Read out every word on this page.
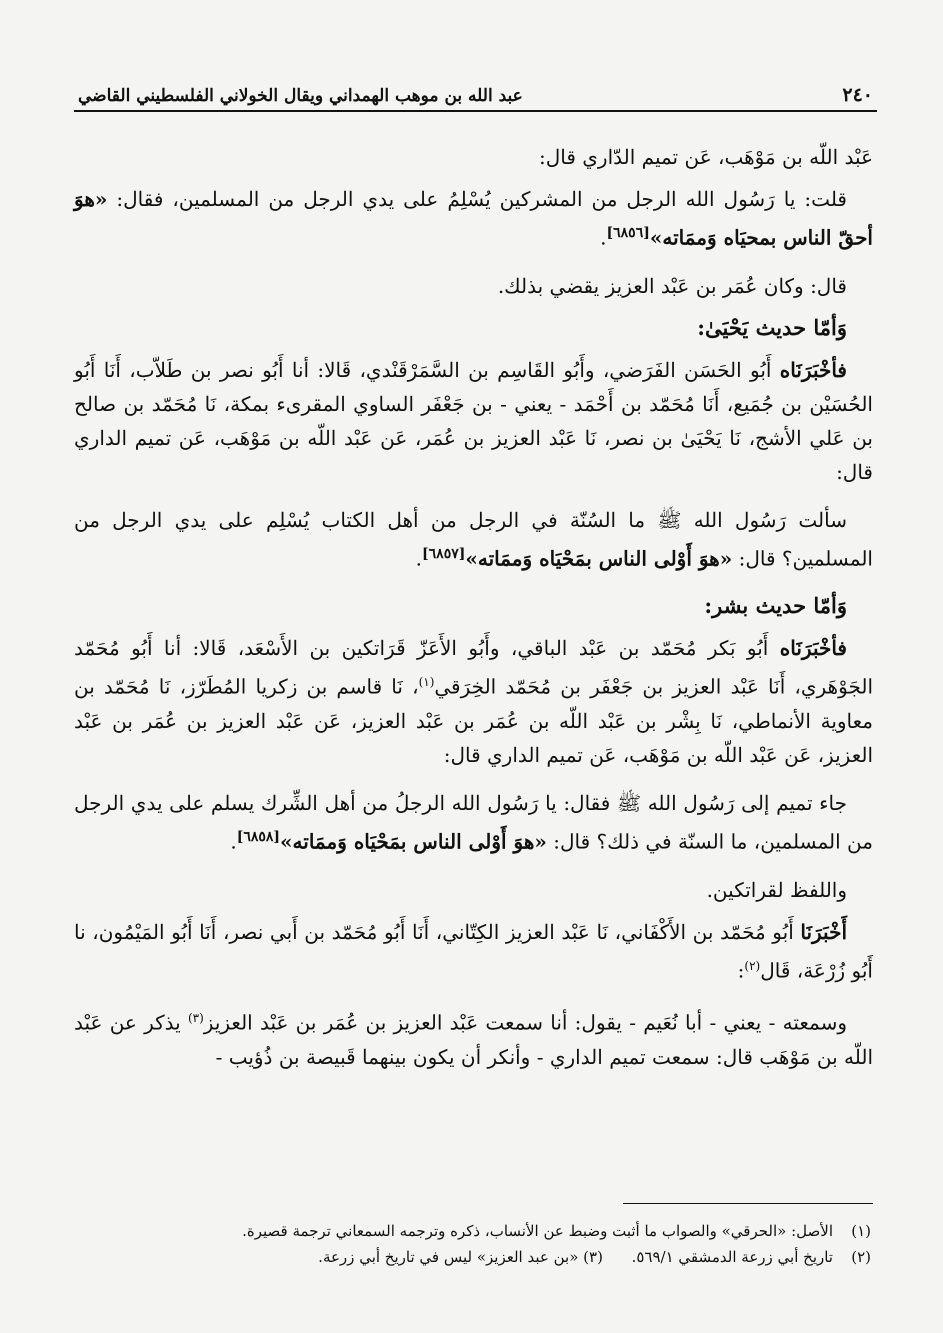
٢٤٠
عبد الله بن موهب الهمداني ويقال الخولاني الفلسطيني القاضي

عَبْد اللّه بن مَوْهَب، عَن تميم الدّاري قال:

قلت: يا رَسُول الله الرجل من المشركين يُسْلِمُ على يدي الرجل من المسلمين، فقال: «هوَ أحقّ الناس بمحيَاه وَممَاته»[٦٨٥٦].

قال: وكان عُمَر بن عَبْد العزيز يقضي بذلك.

وَأمّا حديث يَحْيَىٰ:

فأخْبَرَنَاه أَبُو الحَسَن الفَرَضي، وأَبُو القَاسِم بن السَّمَرْقَنْدي، قَالا: أنا أَبُو نصر بن طَلاّب، أَنَا أَبُو الحُسَيْن بن جُمَيع، أَنَا مُحَمّد بن أَحْمَد - يعني - بن جَعْفَر الساوي المقرىء بمكة، نَا مُحَمّد بن صالح بن عَلي الأشج، نَا يَحْيَىٰ بن نصر، نَا عَبْد العزيز بن عُمَر، عَن عَبْد اللّه بن مَوْهَب، عَن تميم الداري قال:

سألت رَسُول الله ﷺ ما السُنّة في الرجل من أهل الكتاب يُسْلِم على يدي الرجل من المسلمين؟ قال: «هوَ أَوْلى الناس بمَحْيَاه وَممَاته»[٦٨٥٧].

وَأمّا حديث بشر:

فأخْبَرَنَاه أَبُو بَكر مُحَمّد بن عَبْد الباقي، وأَبُو الأَعَزّ قَرَاتكين بن الأَسْعَد، قَالا: أنا أَبُو مُحَمّد الجَوْهَري، أَنَا عَبْد العزيز بن جَعْفَر بن مُحَمّد الخِرَقي$^{(١)}$، نَا قاسم بن زكريا المُطَرّز، نَا مُحَمّد بن معاوية الأنماطي، نَا بِشْر بن عَبْد اللّه بن عُمَر بن عَبْد العزيز، عَن عَبْد العزيز بن عُمَر بن عَبْد العزيز، عَن عَبْد اللّه بن مَوْهَب، عَن تميم الداري قال:

جاء تميم إلى رَسُول الله ﷺ فقال: يا رَسُول الله الرجلُ من أهل الشِّرك يسلم على يدي الرجل من المسلمين، ما السنّة في ذلك؟ قال: «هوَ أَوْلى الناس بمَحْيَاه وَممَاته»[٦٨٥٨].

واللفظ لقراتكين.

أَخْبَرَنَا أَبُو مُحَمّد بن الأَكْفَاني، نَا عَبْد العزيز الكِتّاني، أَنَا أَبُو مُحَمّد بن أَبي نصر، أَنَا أَبُو المَيْمُون، نا أَبُو زُرْعَة، قَال$^{(٢)}$:

وسمعته - يعني - أبا نُعَيم - يقول: أنا سمعت عَبْد العزيز بن عُمَر بن عَبْد العزيز$^{(٣)}$ يذكر عن عَبْد اللّه بن مَوْهَب قال: سمعت تميم الداري - وأنكر أن يكون بينهما قَبيصة بن ذُؤيب -

(١)الأصل: «الحرقي» والصواب ما أثبت وضبط عن الأنساب، ذكره وترجمه السمعاني ترجمة قصيرة.
(٢)تاريخ أبي زرعة الدمشقي ٥٦٩/١.      (٣) «بن عبد العزيز» ليس في تاريخ أبي زرعة.
